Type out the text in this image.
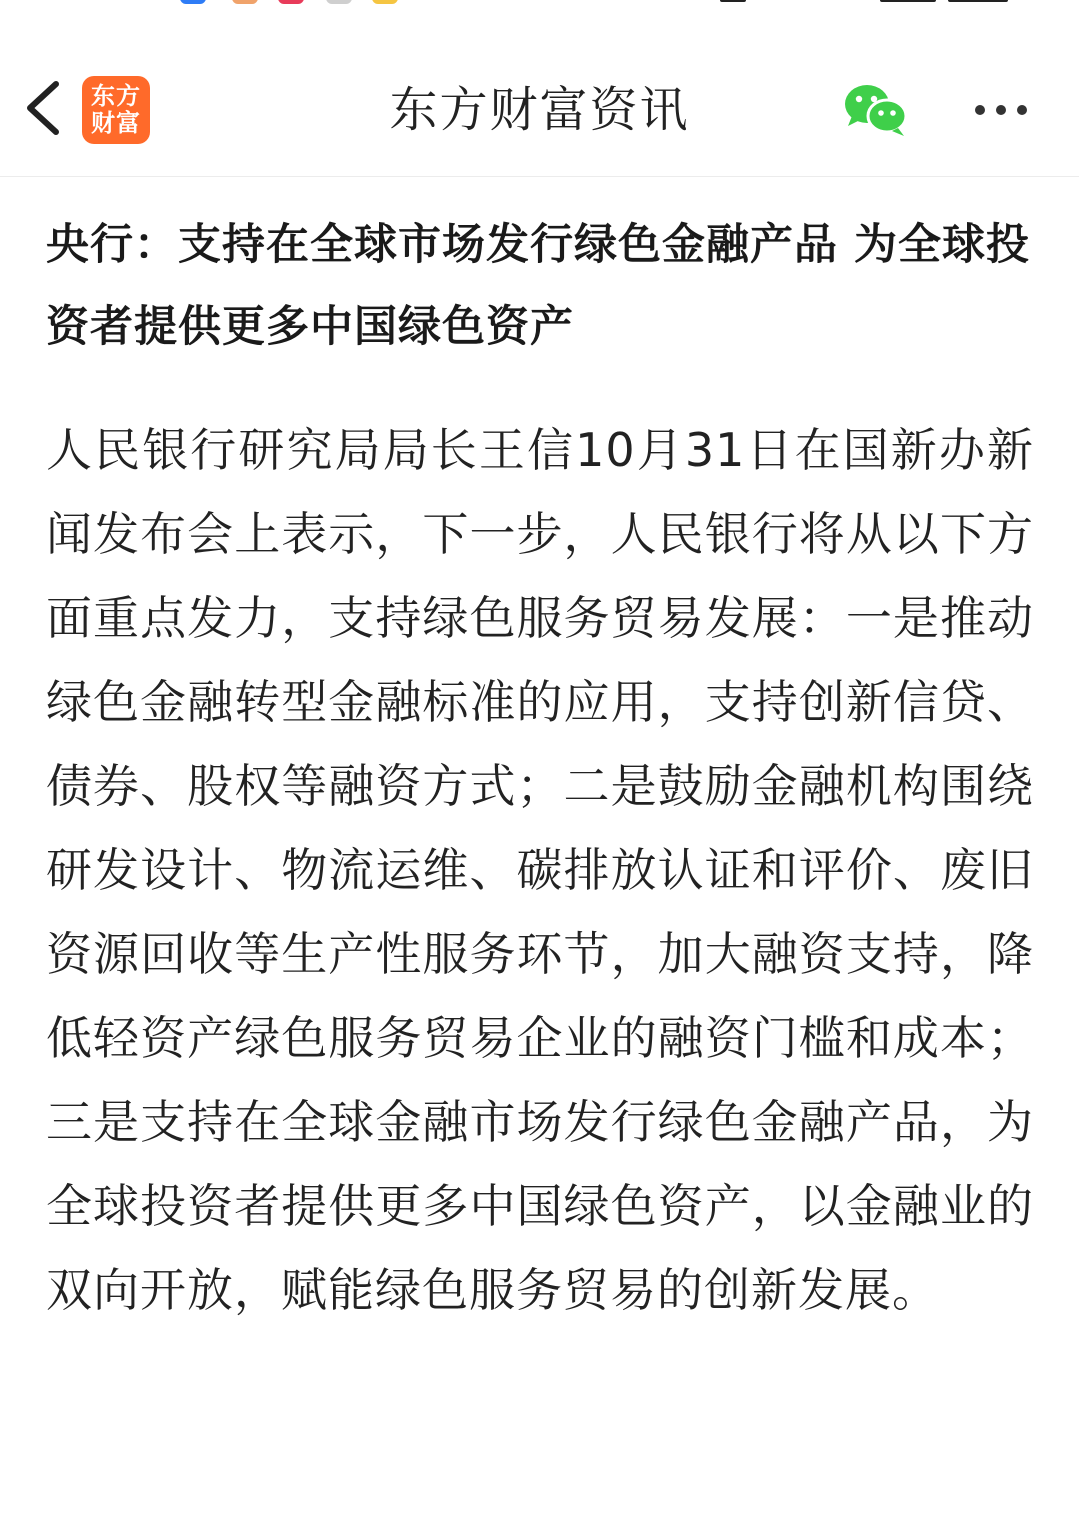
东方
财富	东方财富资讯
央行：支持在全球市场发行绿色金融产品 为全球投资者提供更多中国绿色资产

人民银行研究局局长王信10月31日在国新办新闻发布会上表示，下一步，人民银行将从以下方面重点发力，支持绿色服务贸易发展：一是推动绿色金融转型金融标准的应用，支持创新信贷、债券、股权等融资方式；二是鼓励金融机构围绕研发设计、物流运维、碳排放认证和评价、废旧资源回收等生产性服务环节，加大融资支持，降低轻资产绿色服务贸易企业的融资门槛和成本；三是支持在全球金融市场发行绿色金融产品，为全球投资者提供更多中国绿色资产，以金融业的双向开放，赋能绿色服务贸易的创新发展。
